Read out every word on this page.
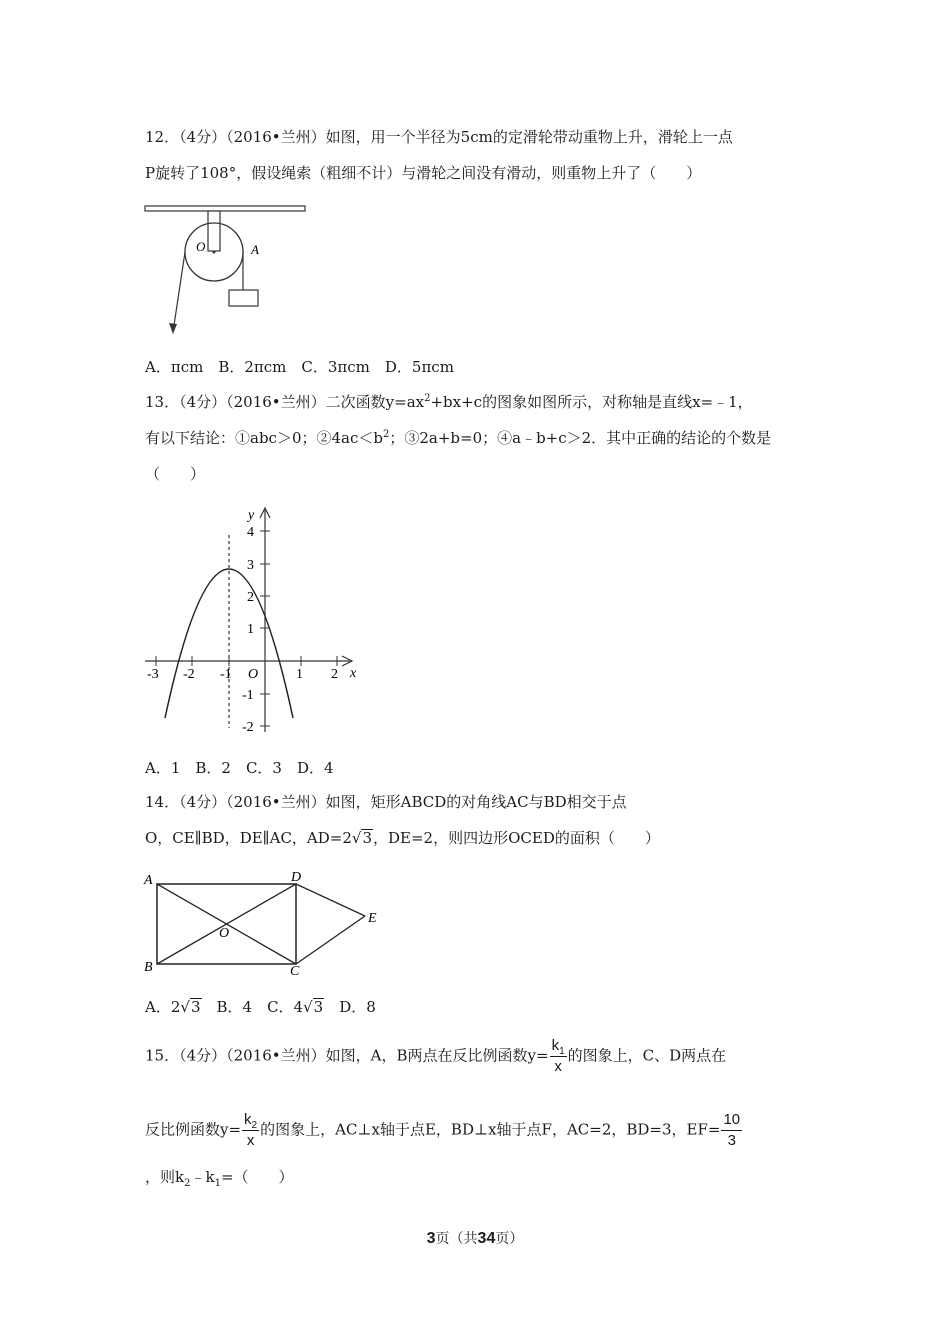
12．（4分）（2016•兰州）如图，用一个半径为5cm的定滑轮带动重物上升，滑轮上一点
P旋转了108°，假设绳索（粗细不计）与滑轮之间没有滑动，则重物上升了（　　）
O	A
A．πcm　B．2πcm　C．3πcm　D．5πcm
13．（4分）（2016•兰州）二次函数$y=ax^2+bx+c$的图象如图所示，对称轴是直线x=﹣1，
有以下结论：①abc＞0；$②4ac<b^2$；③2a+b=0；④a﹣b+c＞2．其中正确的结论的个数是
（　　）
y
x
O
4
3
2
1
-1
-2
-3 -2 -1	1 2
A．1　B．2　C．3　D．4
14．（4分）（2016•兰州）如图，矩形ABCD的对角线AC与BD相交于点
O，CE∥BD，DE∥AC，AD=2√3，DE=2，则四边形OCED的面积（　　）
A
B	C
D
E
O
A．2√3　 B．4　C．4√3　 D．8
15．（4分）（2016•兰州）如图，A，B两点在反比例函数$y= \frac{k_1}{x}$ 的图象上，C、D两点在
反比例函数$y= \frac{k_2}{x}$ 的图象上，AC⊥x轴于点E，BD⊥x轴于点F，AC=2，BD=3，$EF= \frac{10}{3}$
，则$k_2﹣k_1=$（　　）
3页（共34页）
